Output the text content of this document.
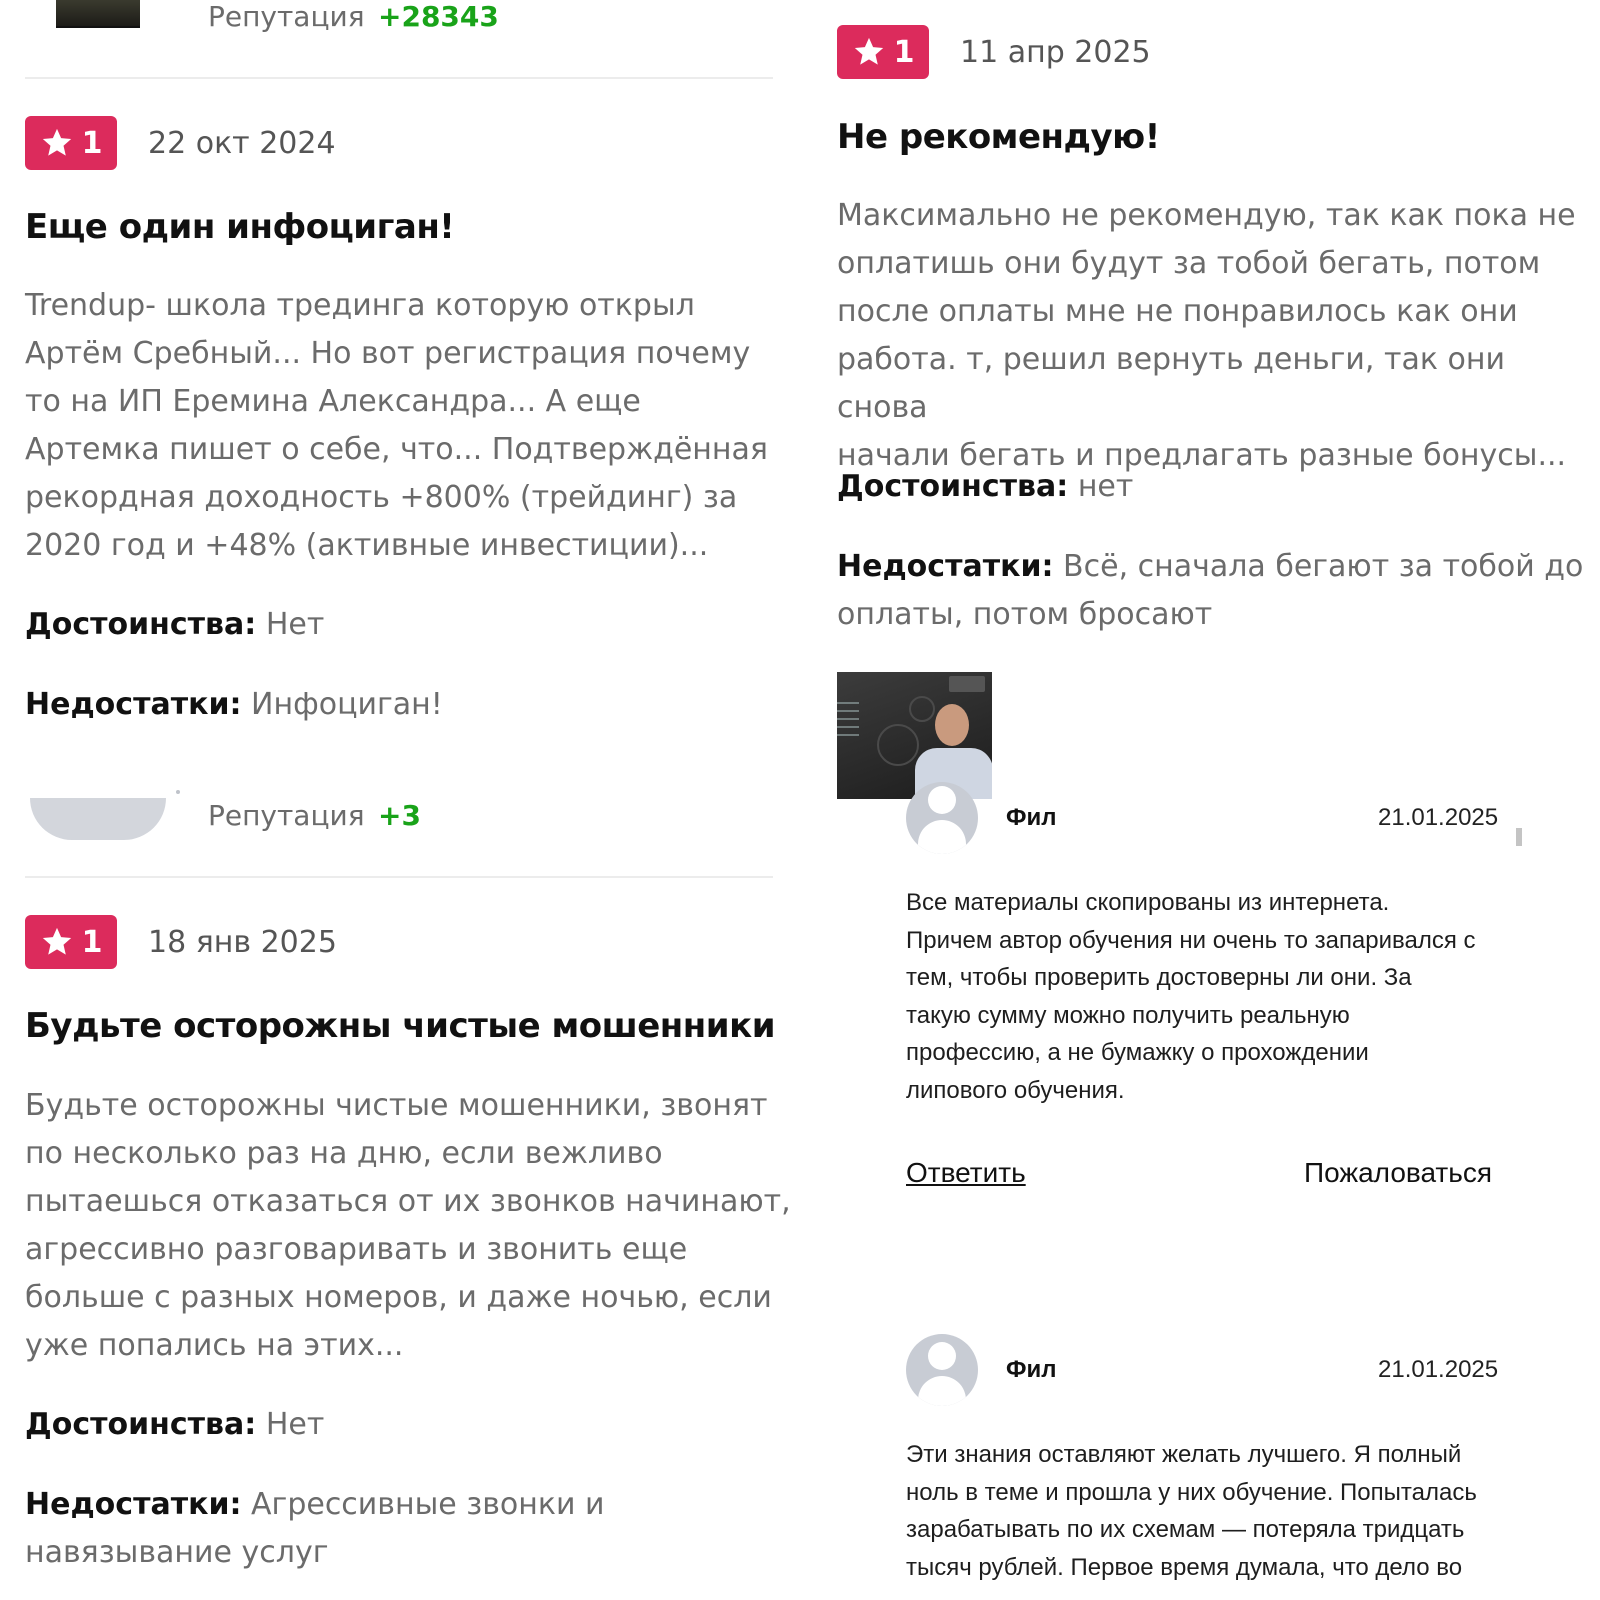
Репутация +28343
1 22 окт 2024
Еще один инфоциган!
Trendup- школа тредингa которую открыл
Артём Сребный... Но вот регистрация почему
то на ИП Еремина Александра... А еще
Артемка пишет о себе, что... Подтверждённая
рекордная доходность +800% (трейдинг) за
2020 год и +48% (активные инвестиции)...
Достоинства: Нет
Недостатки: Инфоциган!
Репутация +3
1 18 янв 2025
Будьте осторожны чистые мошенники
Будьте осторожны чистые мошенники, звонят
по несколько раз на дню, если вежливо
пытаешься отказаться от их звонков начинают,
агрессивно разговаривать и звонить еще
больше с разных номеров, и даже ночью, если
уже попались на этих...
Достоинства: Нет
Недостатки: Агрессивные звонки и
навязывание услуг
1 11 апр 2025
Не рекомендую!
Максимально не рекомендую, так как пока не
оплатишь они будут за тобой бегать, потом
после оплаты мне не понравилось как они
работа. т, решил вернуть деньги, так они снова
начали бегать и предлагать разные бонусы...
Достоинства: нет
Недостатки: Всё, сначала бегают за тобой до
оплаты, потом бросают
Фил	21.01.2025
Все материалы скопированы из интернета.
Причем автор обучения ни очень то запаривался с
тем, чтобы проверить достоверны ли они. За
такую сумму можно получить реальную
профессию, а не бумажку о прохождении
липового обучения.
Ответить	Пожаловаться
Фил	21.01.2025
Эти знания оставляют желать лучшего. Я полный
ноль в теме и прошла у них обучение. Попыталась
зарабатывать по их схемам — потеряла тридцать
тысяч рублей. Первое время думала, что дело во
